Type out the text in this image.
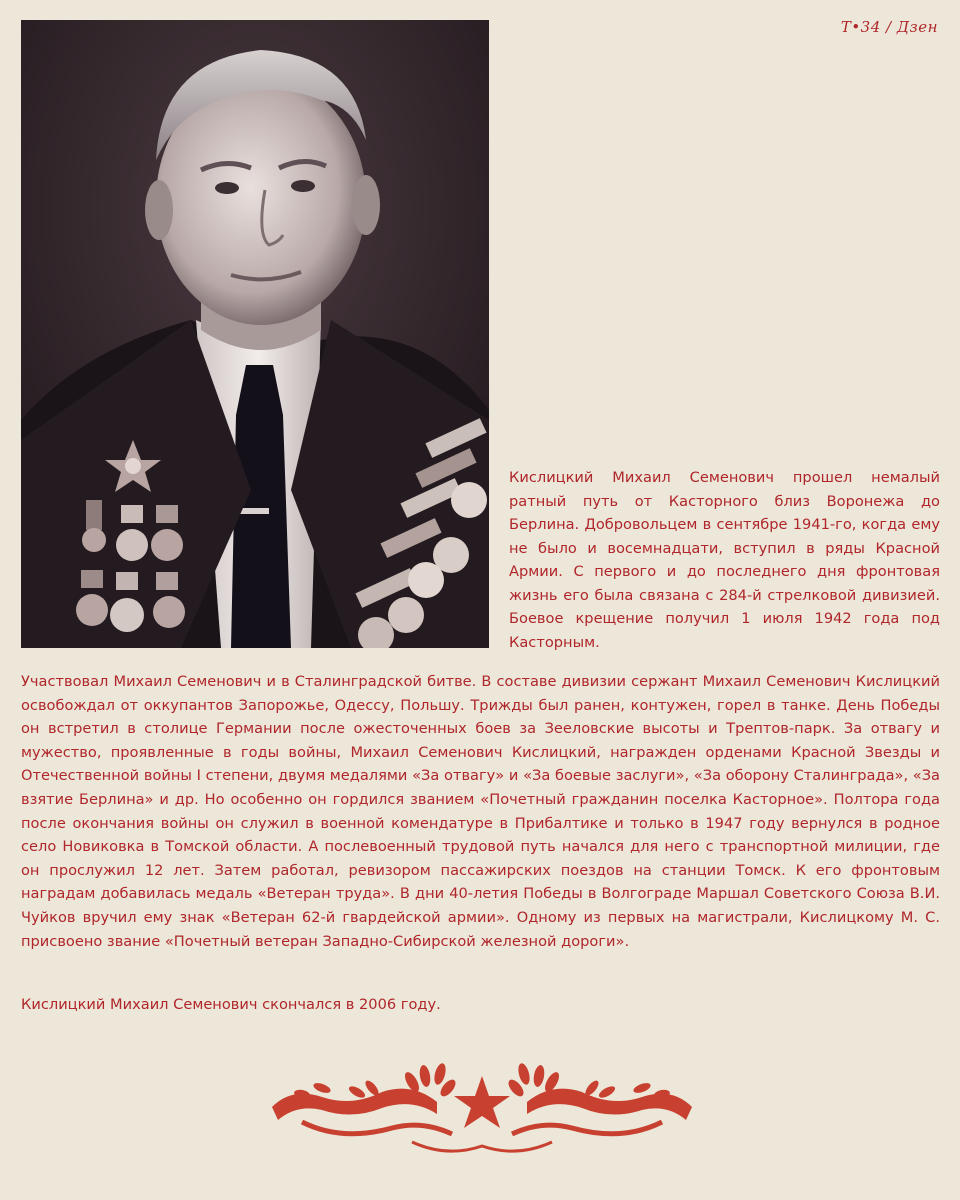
Т•34 / Дзен

Кислицкий Михаил Семенович прошел немалый ратный путь от Касторного близ Воронежа до Берлина. Добровольцем в сентябре 1941-го, когда ему не было и восемнадцати, вступил в ряды Красной Армии. С первого и до последнего дня фронтовая жизнь его была связана с 284-й стрелковой дивизией. Боевое крещение получил 1 июля 1942 года под Касторным.

Участвовал Михаил Семенович и в Сталинградской битве. В составе дивизии сержант Михаил Семенович Кислицкий освобождал от оккупантов Запорожье, Одессу, Польшу. Трижды был ранен, контужен, горел в танке. День Победы он встретил в столице Германии после ожесточенных боев за Зееловские высоты и Трептов-парк. За отвагу и мужество, проявленные в годы войны, Михаил Семенович Кислицкий, награжден орденами Красной Звезды и Отечественной войны I степени, двумя медалями «За отвагу» и «За боевые заслуги», «За оборону Сталинграда», «За взятие Берлина» и др. Но особенно он гордился званием «Почетный гражданин поселка Касторное». Полтора года после окончания войны он служил в военной комендатуре в Прибалтике и только в 1947 году вернулся в родное село Новиковка в Томской области. А послевоенный трудовой путь начался для него с транспортной милиции, где он прослужил 12 лет. Затем работал, ревизором пассажирских поездов на станции Томск. К его фронтовым наградам добавилась медаль «Ветеран труда». В дни 40-летия Победы в Волгограде Маршал Советского Союза В.И. Чуйков вручил ему знак «Ветеран 62-й гвардейской армии». Одному из первых на магистрали, Кислицкому М. С. присвоено звание «Почетный ветеран Западно-Сибирской железной дороги».

Кислицкий Михаил Семенович скончался в 2006 году.
